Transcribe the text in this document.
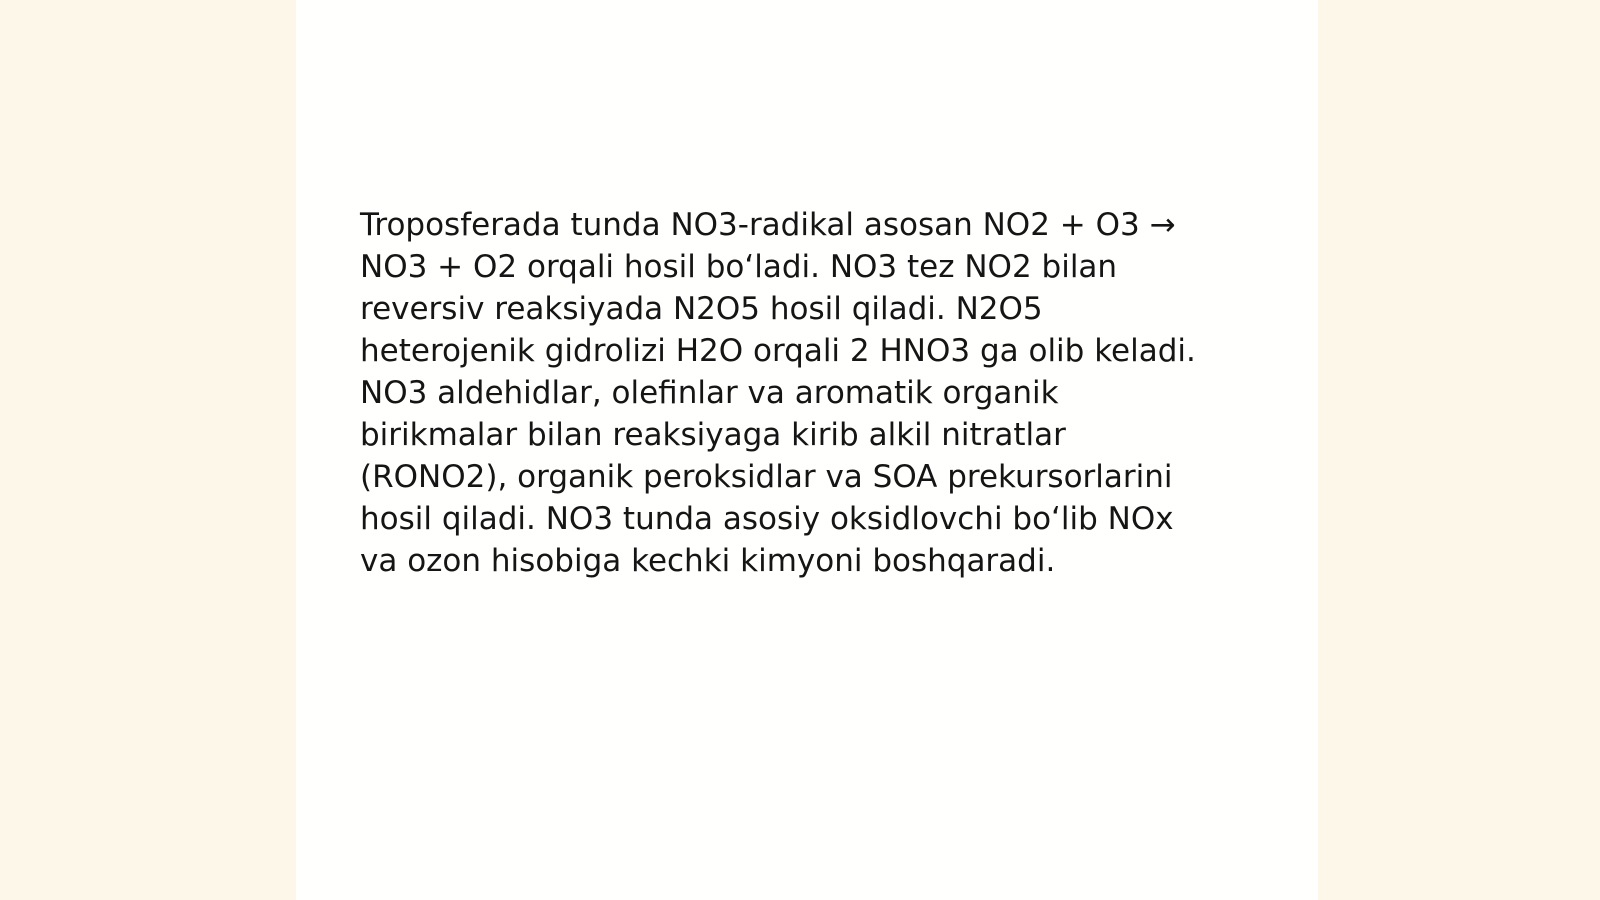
Troposferada tunda NO3-radikal asosan NO2 + O3 →
NO3 + O2 orqali hosil boʻladi. NO3 tez NO2 bilan
reversiv reaksiyada N2O5 hosil qiladi. N2O5
heterojenik gidrolizi H2O orqali 2 HNO3 ga olib keladi.
NO3 aldehidlar, olefinlar va aromatik organik
birikmalar bilan reaksiyaga kirib alkil nitratlar
(RONO2), organik peroksidlar va SOA prekursorlarini
hosil qiladi. NO3 tunda asosiy oksidlovchi boʻlib NOx
va ozon hisobiga kechki kimyoni boshqaradi.
